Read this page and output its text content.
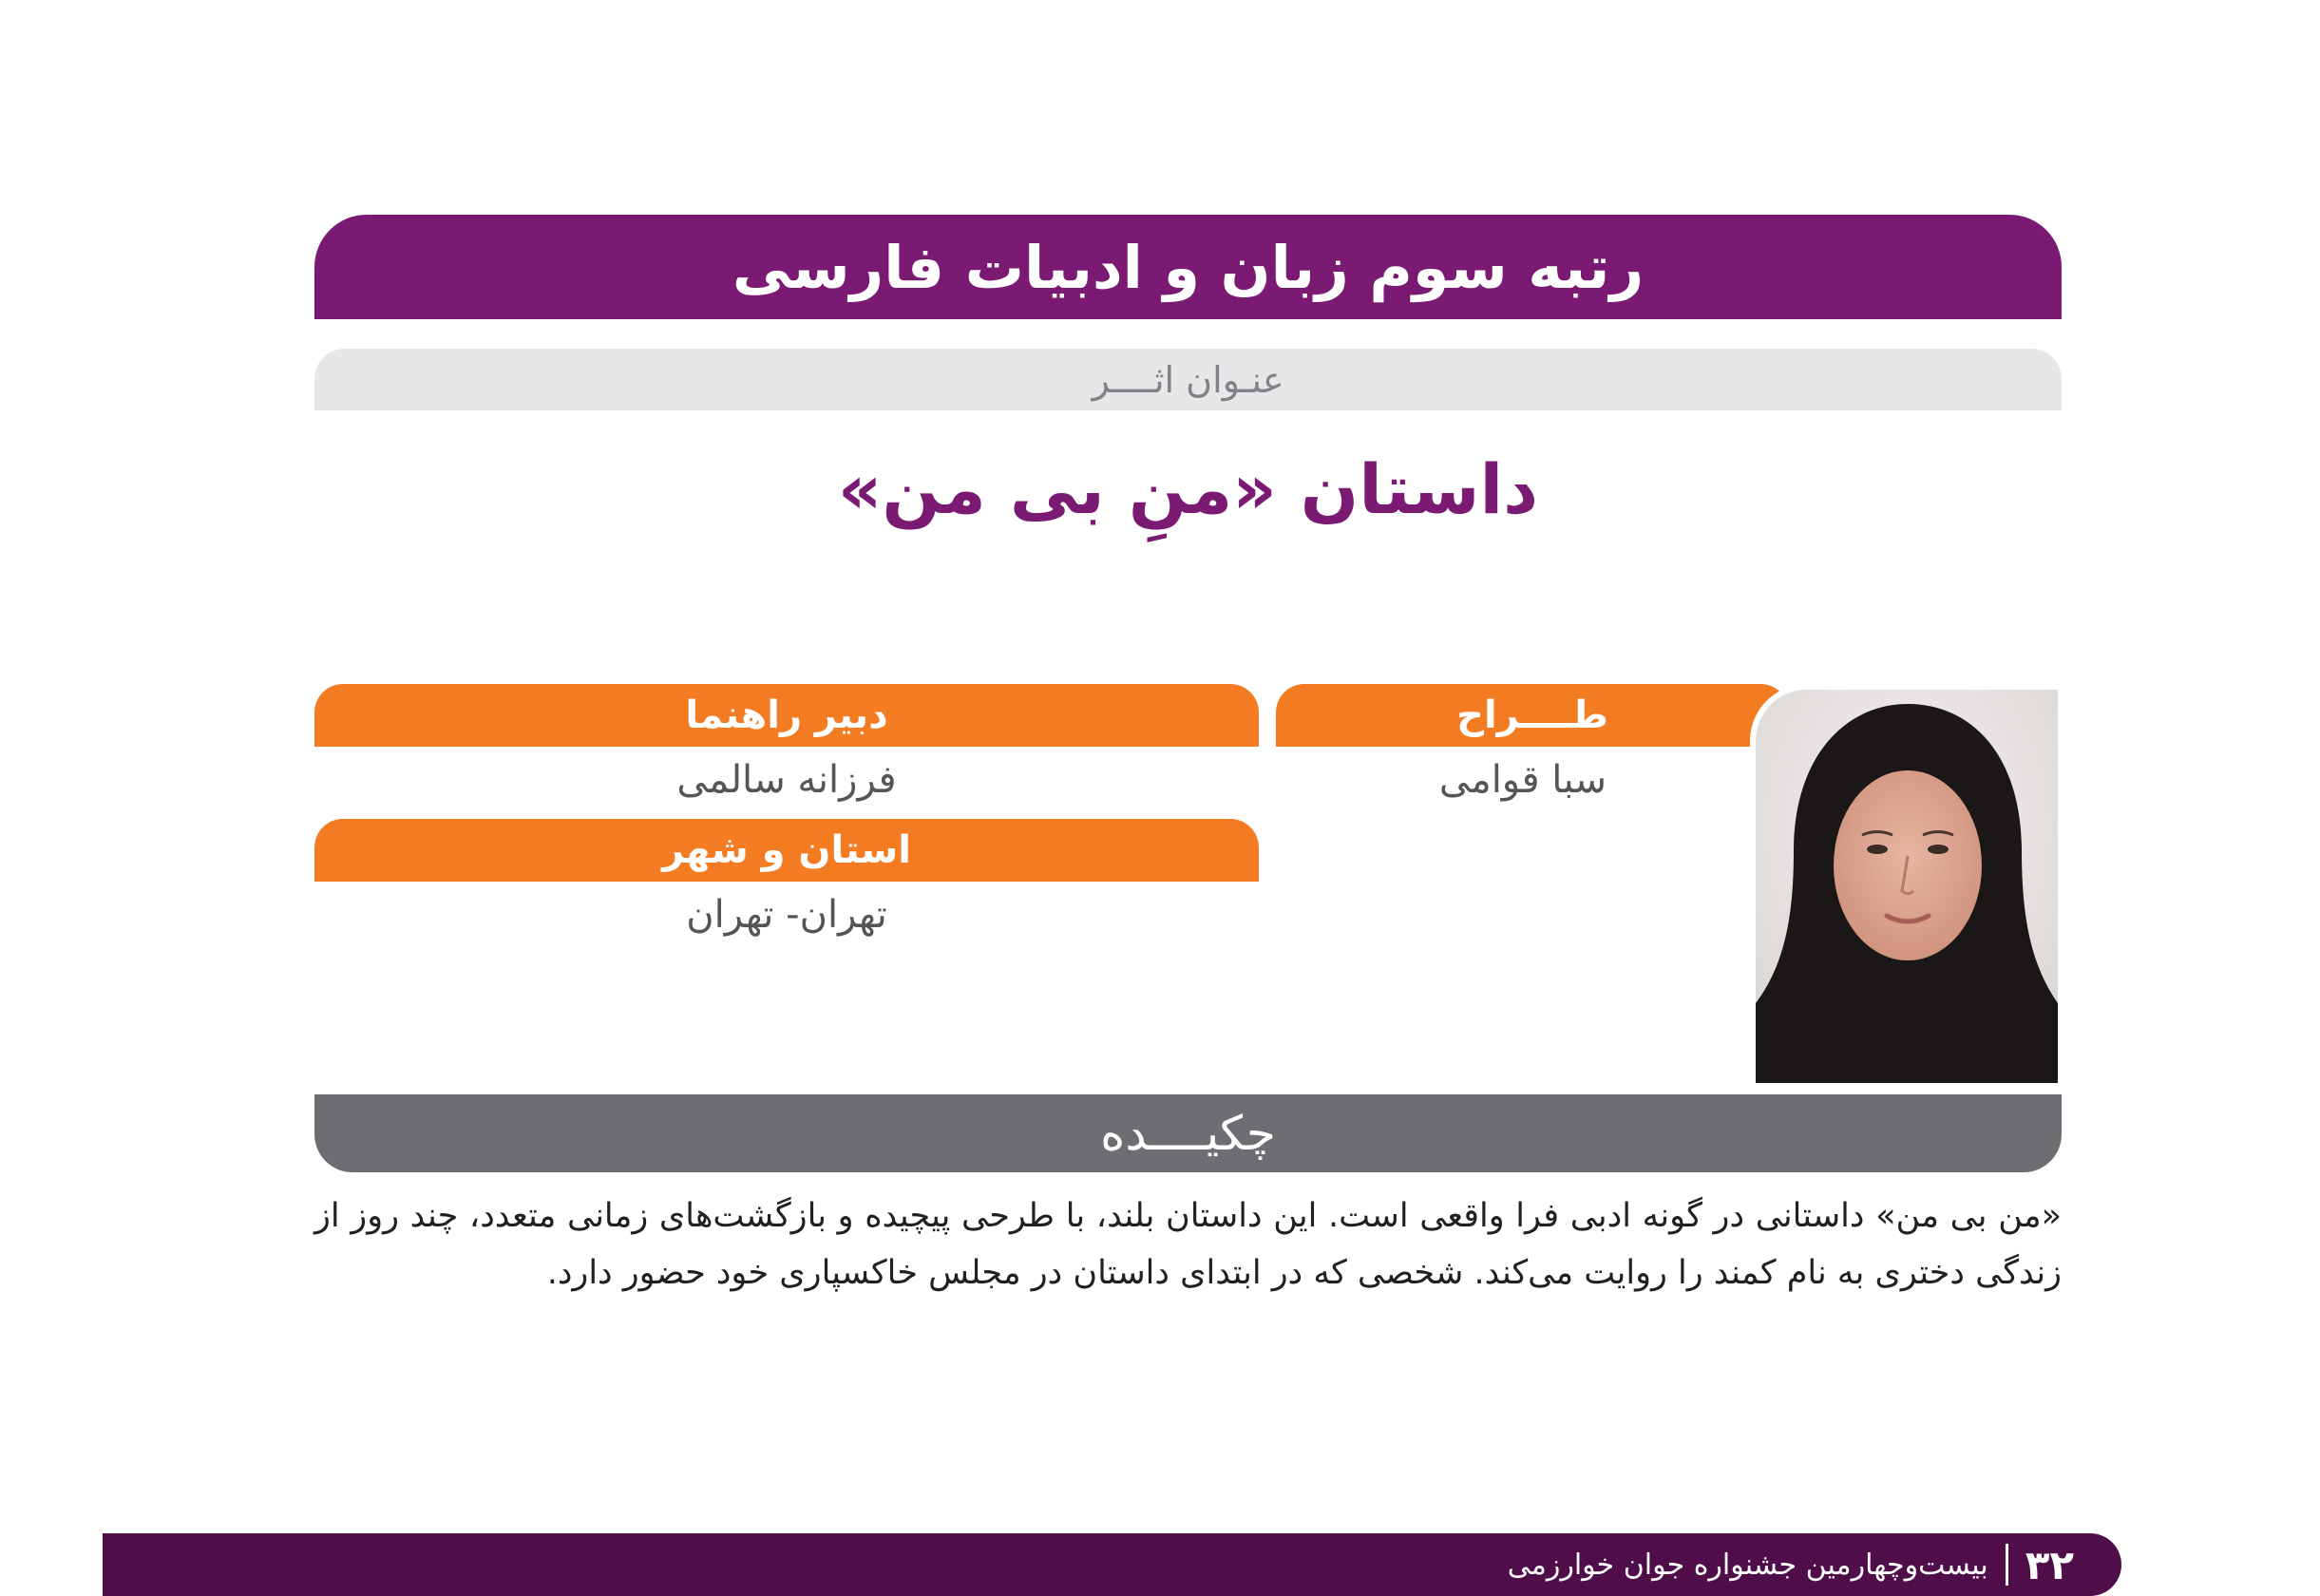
رتبه سوم زبان و ادبیات فارسی
عنـوان اثــــر
داستان «منِ بی من»
طــــراح
سبا قوامی
دبیر راهنما
فرزانه سالمی
استان و شهر
تهران- تهران
چکیــــده
«من بی من» داستانی در گونه ادبی فرا واقعی است. این داستان بلند، با طرحی پیچیده و بازگشت‌های زمانی متعدد، چند روز از زندگی دختری به نام کمند را روایت می‌کند. شخصی که در ابتدای داستان در مجلس خاکسپاری خود حضور دارد.
۳۲
بیست‌وچهارمین جشنواره جوان خوارزمی
